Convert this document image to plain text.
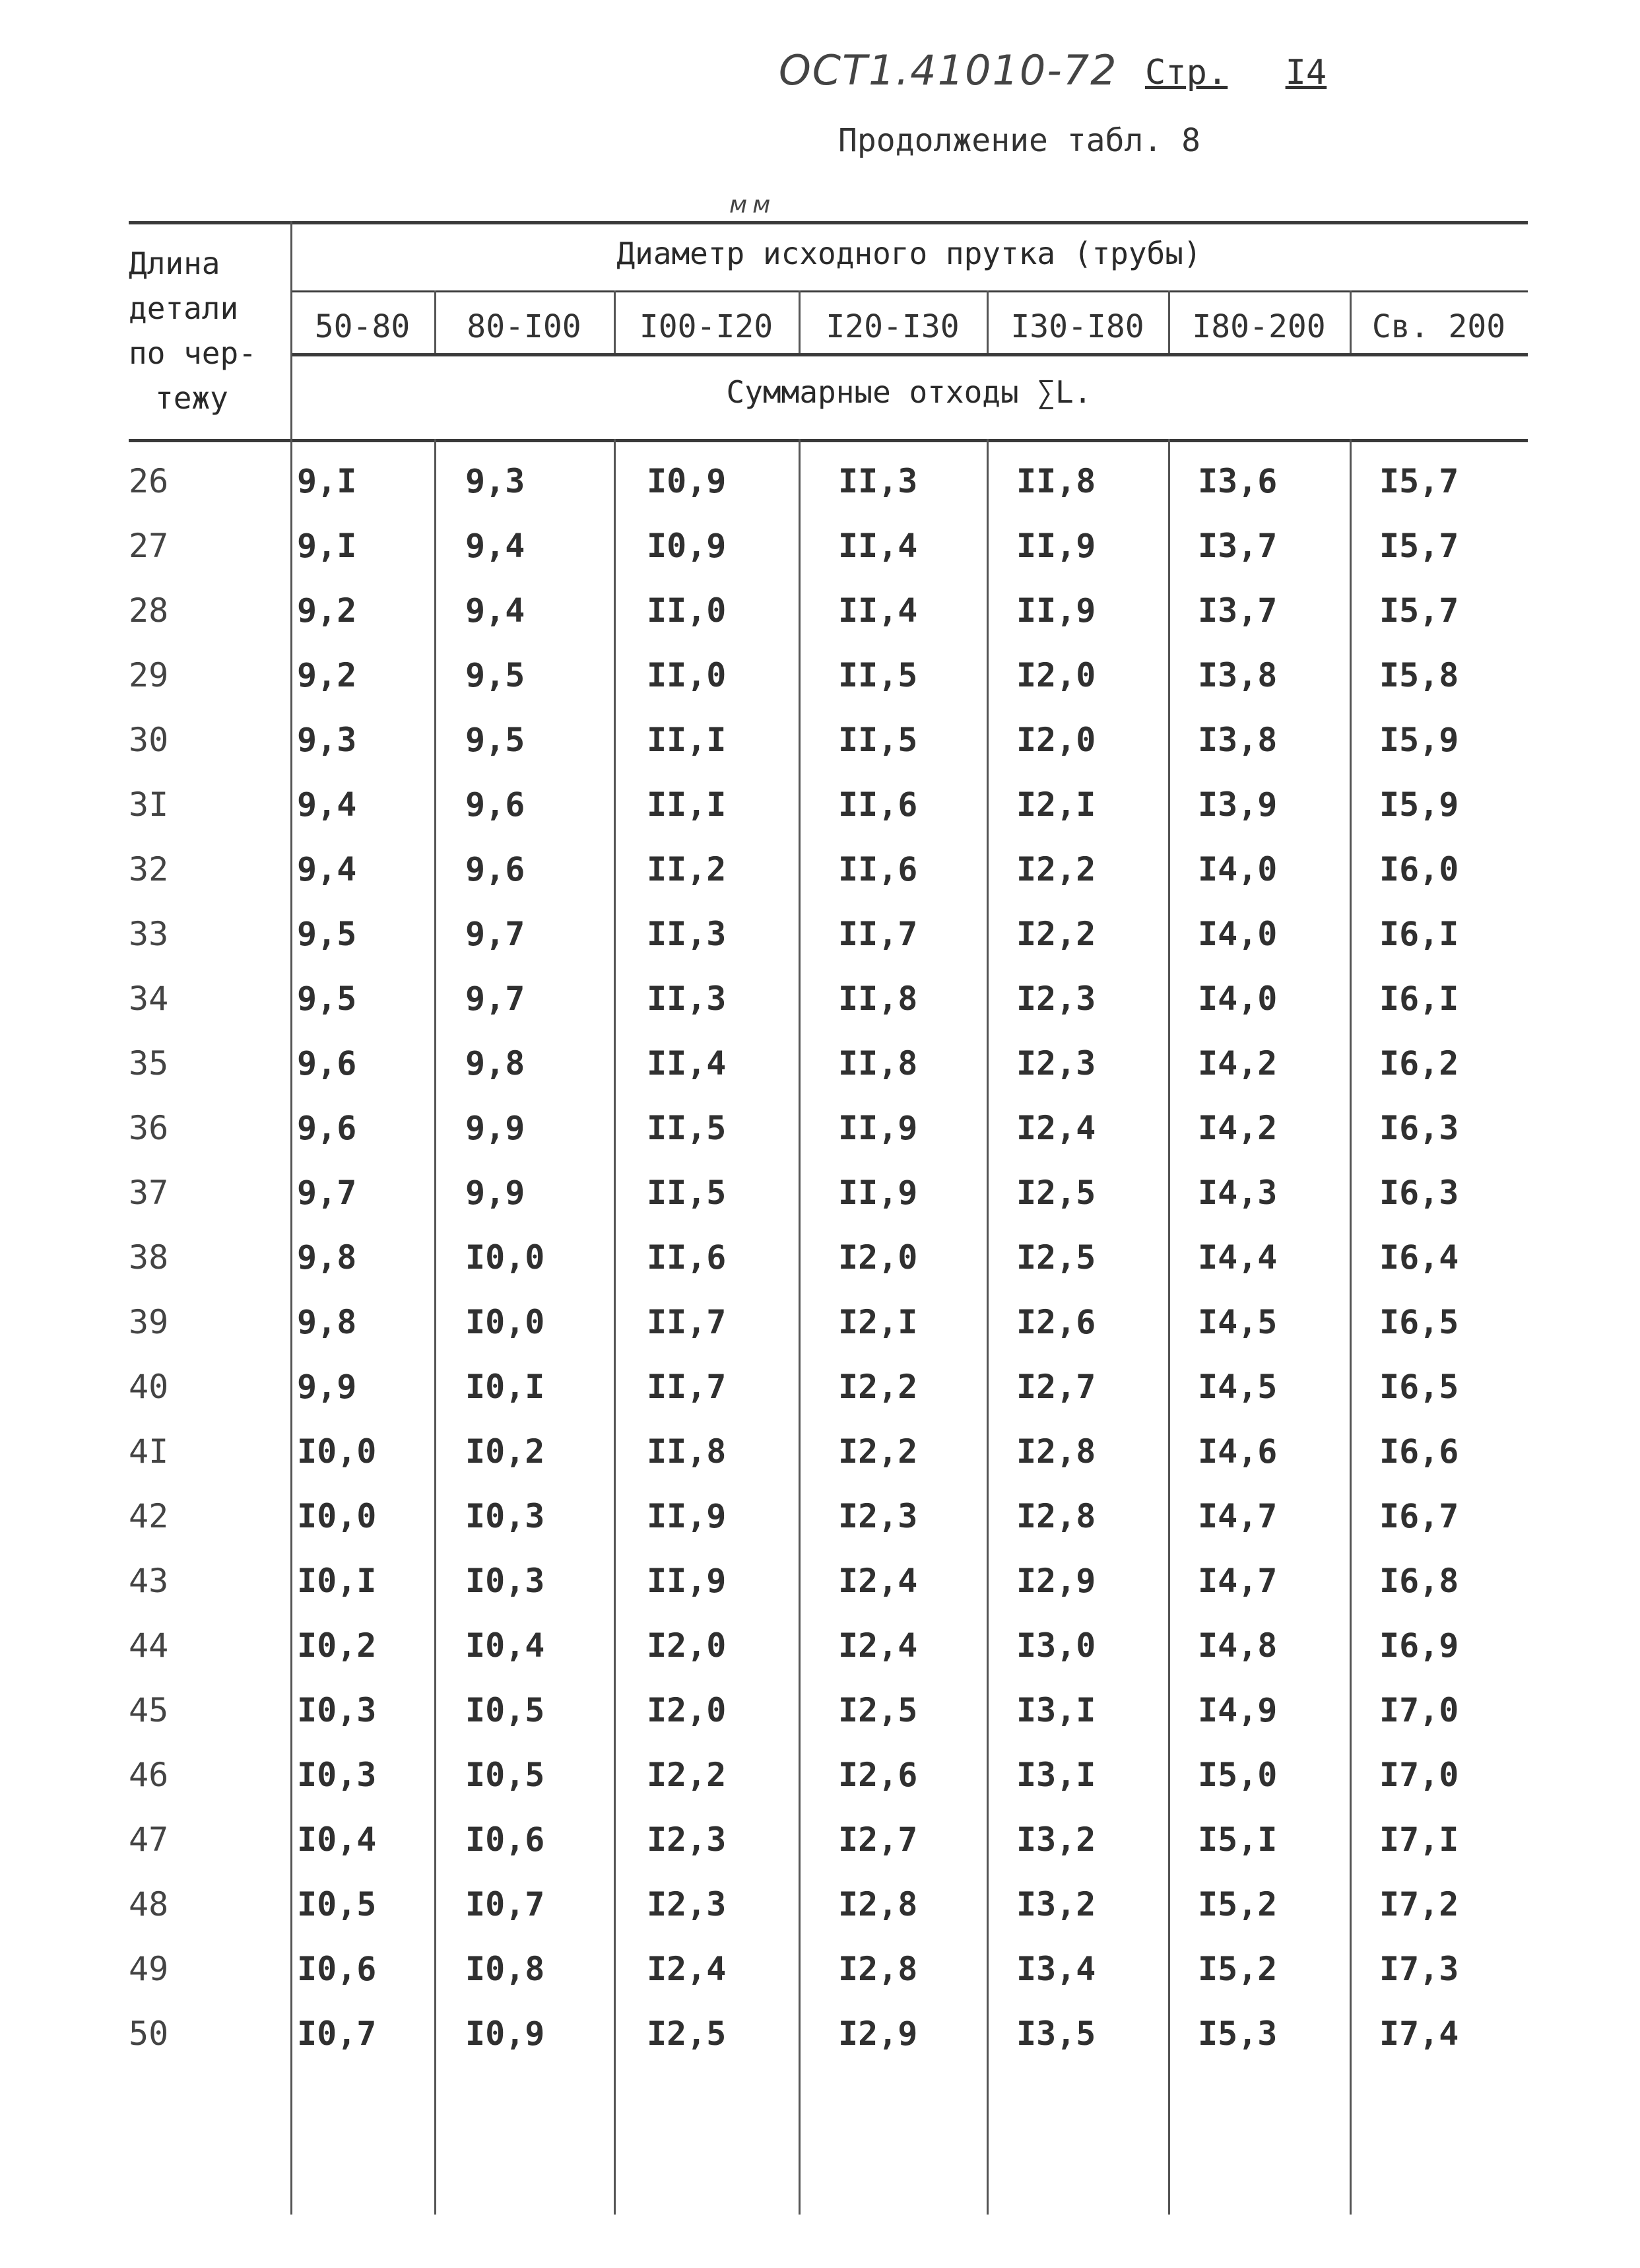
ОСТ1.41010-72 Стр. I4
Продолжение табл. 8
мм
Длина
детали
по чер-
тежу
Диаметр исходного прутка (трубы)
Суммарные отходы ∑L.
50-80	80-I00	I00-I20	I20-I30	I30-I80	I80-200	Св. 200
26	9,I	9,3	I0,9	II,3	II,8	I3,6	I5,7
27	9,I	9,4	I0,9	II,4	II,9	I3,7	I5,7
28	9,2	9,4	II,0	II,4	II,9	I3,7	I5,7
29	9,2	9,5	II,0	II,5	I2,0	I3,8	I5,8
30	9,3	9,5	II,I	II,5	I2,0	I3,8	I5,9
3I	9,4	9,6	II,I	II,6	I2,I	I3,9	I5,9
32	9,4	9,6	II,2	II,6	I2,2	I4,0	I6,0
33	9,5	9,7	II,3	II,7	I2,2	I4,0	I6,I
34	9,5	9,7	II,3	II,8	I2,3	I4,0	I6,I
35	9,6	9,8	II,4	II,8	I2,3	I4,2	I6,2
36	9,6	9,9	II,5	II,9	I2,4	I4,2	I6,3
37	9,7	9,9	II,5	II,9	I2,5	I4,3	I6,3
38	9,8	I0,0	II,6	I2,0	I2,5	I4,4	I6,4
39	9,8	I0,0	II,7	I2,I	I2,6	I4,5	I6,5
40	9,9	I0,I	II,7	I2,2	I2,7	I4,5	I6,5
4I	I0,0	I0,2	II,8	I2,2	I2,8	I4,6	I6,6
42	I0,0	I0,3	II,9	I2,3	I2,8	I4,7	I6,7
43	I0,I	I0,3	II,9	I2,4	I2,9	I4,7	I6,8
44	I0,2	I0,4	I2,0	I2,4	I3,0	I4,8	I6,9
45	I0,3	I0,5	I2,0	I2,5	I3,I	I4,9	I7,0
46	I0,3	I0,5	I2,2	I2,6	I3,I	I5,0	I7,0
47	I0,4	I0,6	I2,3	I2,7	I3,2	I5,I	I7,I
48	I0,5	I0,7	I2,3	I2,8	I3,2	I5,2	I7,2
49	I0,6	I0,8	I2,4	I2,8	I3,4	I5,2	I7,3
50	I0,7	I0,9	I2,5	I2,9	I3,5	I5,3	I7,4
